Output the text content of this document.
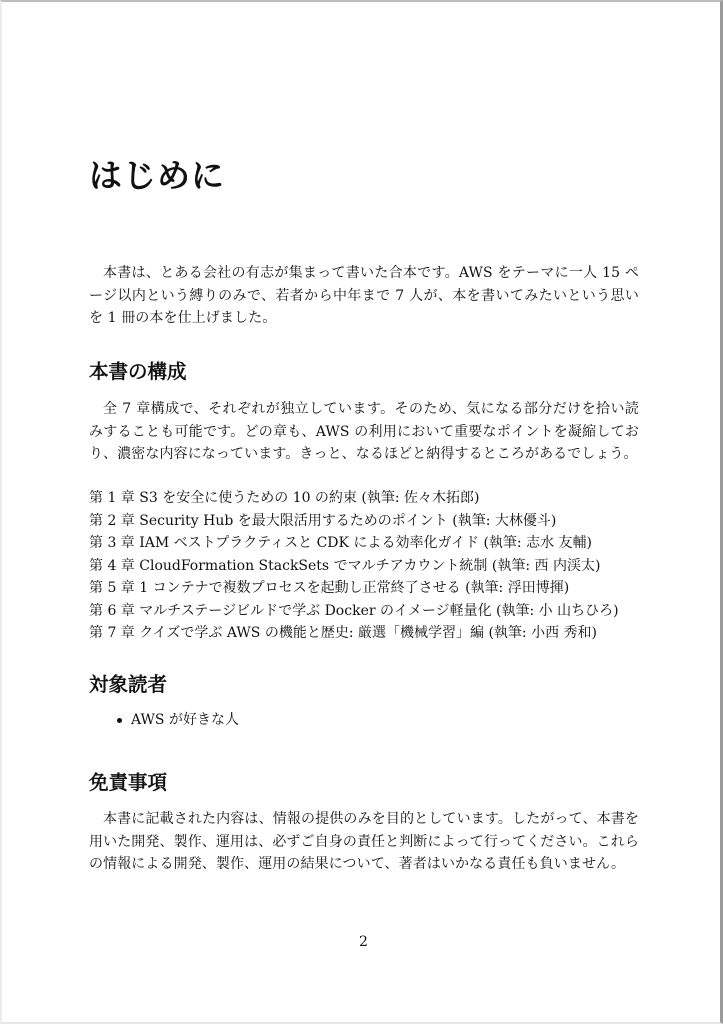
はじめに

本書は、とある会社の有志が集まって書いた合本です。AWS をテーマに一人 15 ページ以内という縛りのみで、若者から中年まで 7 人が、本を書いてみたいという思いを 1 冊の本を仕上げました。

本書の構成

全 7 章構成で、それぞれが独立しています。そのため、気になる部分だけを拾い読みすることも可能です。どの章も、AWS の利用において重要なポイントを凝縮しており、濃密な内容になっています。きっと、なるほどと納得するところがあるでしょう。

第 1 章 S3 を安全に使うための 10 の約束 (執筆: 佐々木拓郎)
第 2 章 Security Hub を最大限活用するためのポイント (執筆: 大林優斗)
第 3 章 IAM ベストプラクティスと CDK による効率化ガイド (執筆: 志水 友輔)
第 4 章 CloudFormation StackSets でマルチアカウント統制 (執筆: 西 内渓太)
第 5 章 1 コンテナで複数プロセスを起動し正常終了させる (執筆: 浮田博揮)
第 6 章 マルチステージビルドで学ぶ Docker のイメージ軽量化 (執筆: 小 山ちひろ)
第 7 章 クイズで学ぶ AWS の機能と歴史: 厳選「機械学習」編 (執筆: 小西 秀和)
対象読者
AWS が好きな人
免責事項

本書に記載された内容は、情報の提供のみを目的としています。したがって、本書を用いた開発、製作、運用は、必ずご自身の責任と判断によって行ってください。これらの情報による開発、製作、運用の結果について、著者はいかなる責任も負いません。

2
